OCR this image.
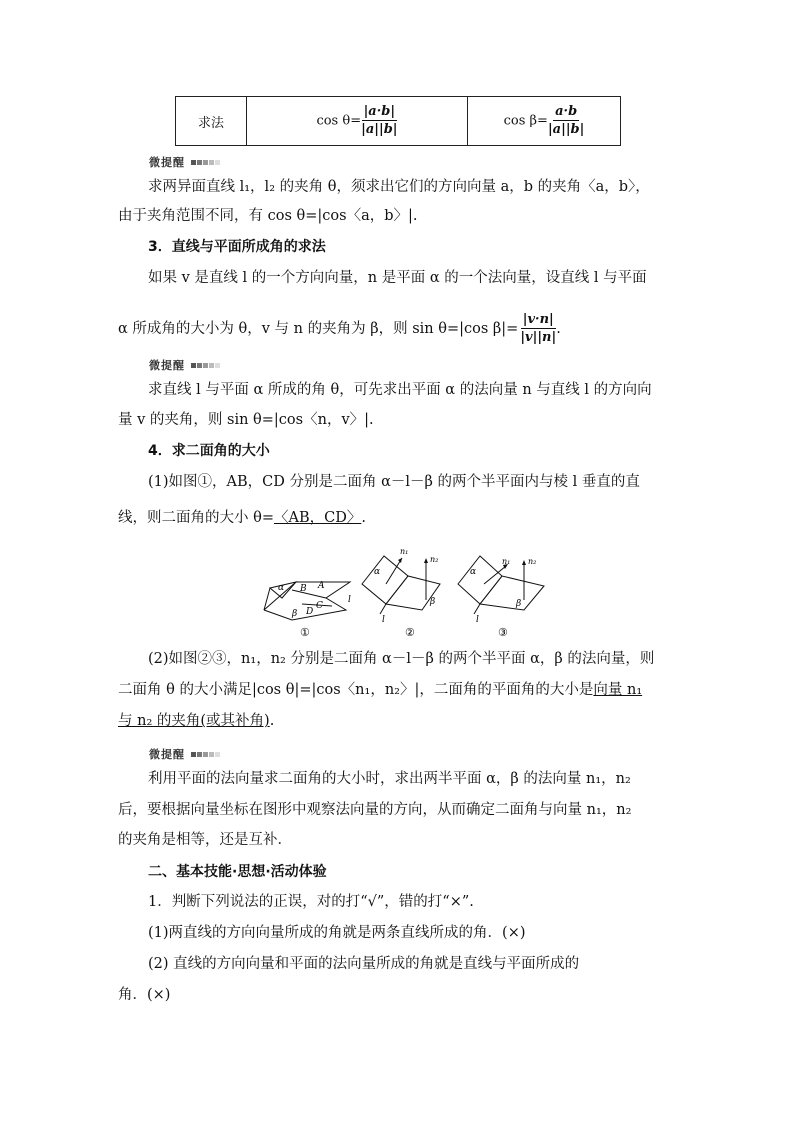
求法	$\cos \theta= \frac{|a\cdot b|}{|a||b|}$	$\cos \beta= \frac{a\cdot b}{|a||b|}$
微提醒
求两异面直线 l₁，l₂ 的夹角 θ，须求出它们的方向向量 a，b 的夹角〈a，b〉，
由于夹角范围不同，有 cos θ=|cos〈a，b〉|.
3．直线与平面所成角的求法
如果 v 是直线 l 的一个方向向量，n 是平面 α 的一个法向量，设直线 l 与平面
α 所成角的大小为 θ，v 与 n 的夹角为 β，则 sin θ=|cos $\beta|= \frac{|v\cdot n|}{|v||n|}$ .
微提醒
求直线 l 与平面 α 所成的角 θ，可先求出平面 α 的法向量 n 与直线 l 的方向向
量 v 的夹角，则 sin θ=|cos〈n，v〉|.
4．求二面角的大小
(1)如图①，AB，CD 分别是二面角 α－l－β 的两个半平面内与棱 l 垂直的直
线，则二面角的大小 θ=〈AB，CD〉.
α B A
β D
C
l
①
n₁
n₂
α
β
l
②
n₁ n₂
α
β
l
③
(2)如图②③，n₁，n₂ 分别是二面角 α－l－β 的两个半平面 α，β 的法向量，则
二面角 θ 的大小满足|cos θ|=|cos〈n₁，n₂〉|，二面角的平面角的大小是向量 n₁
与 n₂ 的夹角(或其补角).
微提醒
利用平面的法向量求二面角的大小时，求出两半平面 α，β 的法向量 n₁，n₂
后，要根据向量坐标在图形中观察法向量的方向，从而确定二面角与向量 n₁，n₂
的夹角是相等，还是互补．
二、基本技能·思想·活动体验
1．判断下列说法的正误，对的打“√”，错的打“×”.
(1)两直线的方向向量所成的角就是两条直线所成的角．(×)
(2) 直线的方向向量和平面的法向量所成的角就是直线与平面所成的
角．(×)
